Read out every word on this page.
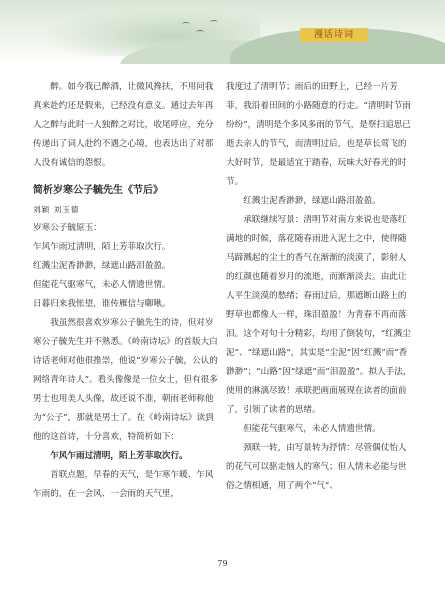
漫话诗词

醉。如今我已醉酒，让微风搀扶，不用问我真来赴约还是假来，已经没有意义。通过去年再人之醉与此时一人独醉之对比，收尾呼应，充分传递出了词人赴约不遇之心境，也表达出了对那人没有诚信的怨恨。

简析岁寒公子毓先生《节后》

刘颖 刘玉德

岁寒公子毓原玉：

乍风乍雨过清明，陌上芳菲取次行。

红溅尘泥香渺渺，绿遮山路泪盈盈。

但能花气驱寒气，未必人情遗世情。

日暮归来我怅望，谁传雁信与啣啾。

我虽然很喜欢岁寒公子毓先生的诗，但对岁寒公子毓先生并不熟悉。《岭南诗坛》的首版大白诗话老师对他很推崇，他说“岁寒公子毓，公认的网络青年诗人”。看头像像是一位女士，但有很多男士也用美人头像，故还说不准，朝雨老师称他为“公子”，那就是男士了。在《岭南诗坛》读到他的这首诗，十分喜欢，特简析如下：

乍风乍雨过清明，陌上芳菲取次行。

首联点题，早春的天气，是乍寒乍暖、乍风乍雨的，在一会风、一会雨的天气里，

我度过了清明节；雨后的田野上，已经一片芳菲，我沿着田间的小路随意的行走。“清明时节雨纷纷”，清明是个多风多雨的节气，是祭扫追思已逝去亲人的节气，而清明过后，也是草长莺飞的大好时节，是最适宜于踏春，玩味大好春光的时节。

红溅尘泥香渺渺，绿遮山路泪盈盈。

承联继续写景：清明节对南方来说也是落红满地的时候，落花随春雨进入泥土之中，使得随马蹄溅起的尘土的香气在渐渐的淡漠了，影射人的红颜也随着岁月的流逝，而渐渐淡去。由此让人平生淡漠的愁绪；春雨过后，那遮断山路上的野草也都像人一样，珠泪盈盈！为青春不再而落泪。这个对句十分精彩，均用了倒装句，“红溅尘泥”、“绿遮山路”，其实是“尘泥”因“红溅”而“香渺渺”；“山路”因“绿遮”而“泪盈盈”。拟人手法，使用的淋漓尽致！承联把画面展现在读者的面前了，引领了读者的思绪。

但能花气驱寒气，未必人情遗世情。

颈联一转，由写景转为抒情：尽管偶仗怡人的花气可以驱走恼人的寒气；但人情未必能与世俗之情相通，用了两个“气”、

79
